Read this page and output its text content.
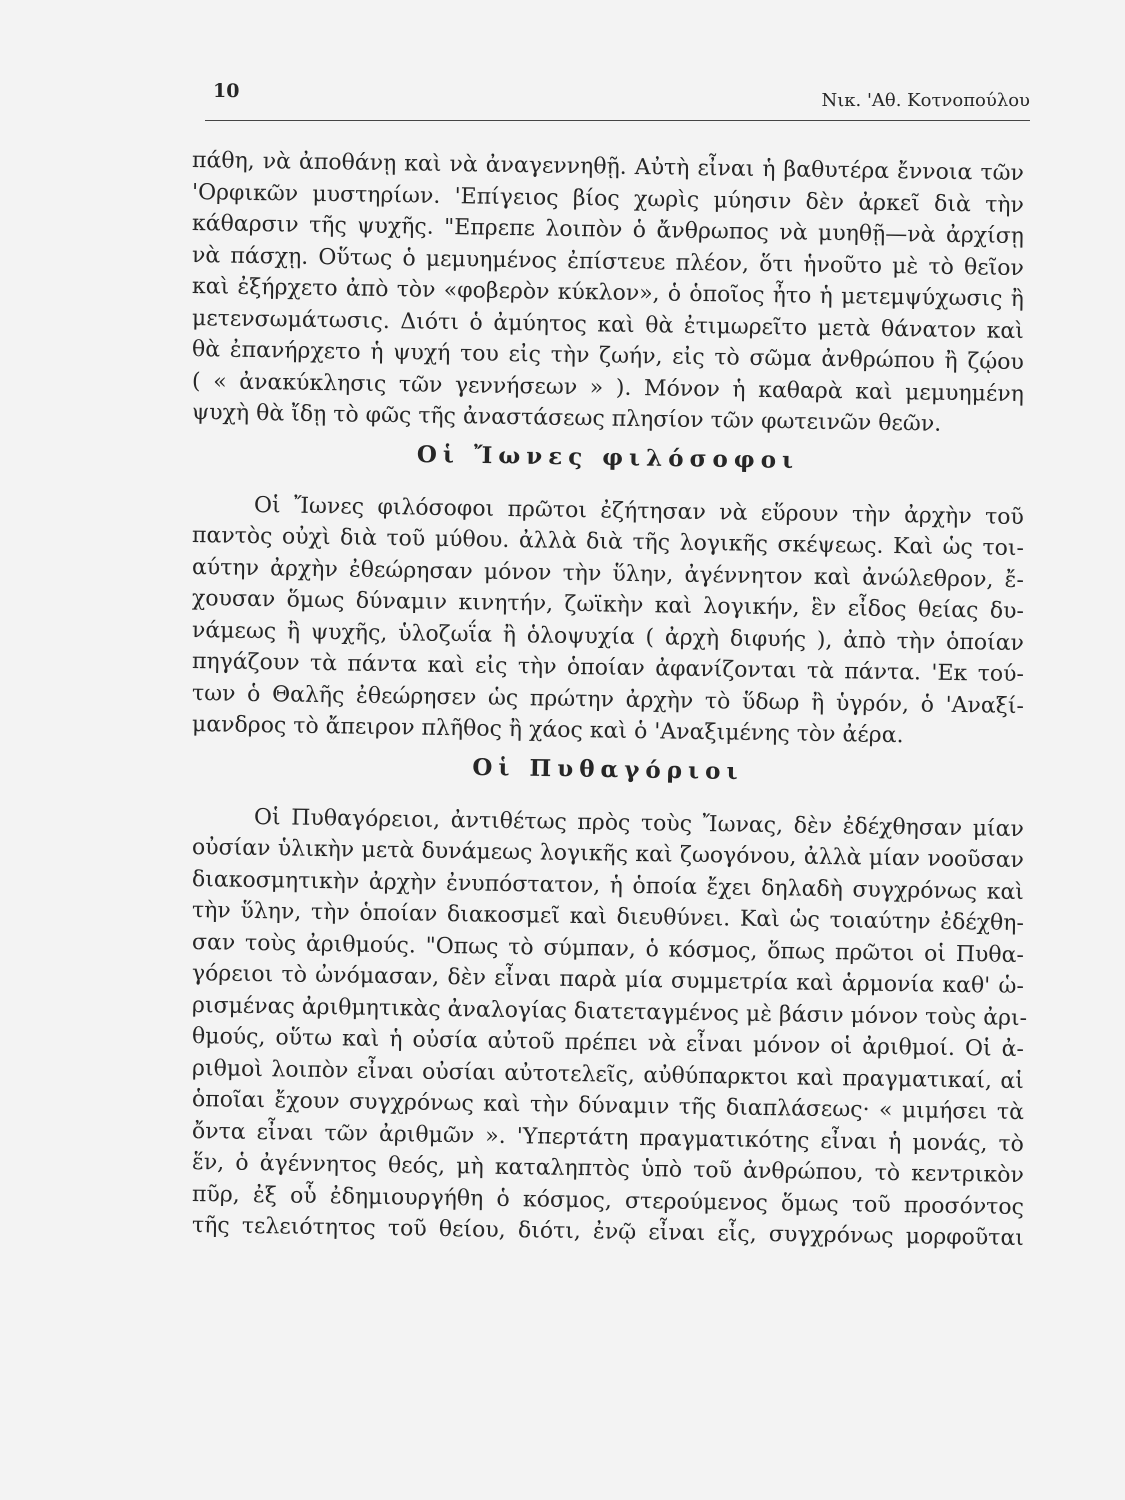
10	Νικ. 'Αθ. Κοτνοπούλου
πάθη, νὰ ἀποθάνῃ καὶ νὰ ἀναγεννηθῇ. Αὐτὴ εἶναι ἡ βαθυτέρα ἔννοια τῶν
'Ορφικῶν μυστηρίων. 'Επίγειος βίος χωρὶς μύησιν δὲν ἀρκεῖ διὰ τὴν
κάθαρσιν τῆς ψυχῆς. "Επρεπε λοιπὸν ὁ ἄνθρωπος νὰ μυηθῇ—νὰ ἀρχίσῃ
νὰ πάσχῃ. Οὕτως ὁ μεμυημένος ἐπίστευε πλέον, ὅτι ἡνοῦτο μὲ τὸ θεῖον
καὶ ἐξήρχετο ἀπὸ τὸν «φοβερὸν κύκλον», ὁ ὁποῖος ἦτο ἡ μετεμψύχωσις ἢ
μετενσωμάτωσις. Διότι ὁ ἀμύητος καὶ θὰ ἐτιμωρεῖτο μετὰ θάνατον καὶ
θὰ ἐπανήρχετο ἡ ψυχή του εἰς τὴν ζωήν, εἰς τὸ σῶμα ἀνθρώπου ἢ ζῴου
( « ἀνακύκλησις τῶν γεννήσεων » ). Μόνον ἡ καθαρὰ καὶ μεμυημένη
ψυχὴ θὰ ἴδῃ τὸ φῶς τῆς ἀναστάσεως πλησίον τῶν φωτεινῶν θεῶν.
Οἱ Ἴωνες φιλόσοφοι
Οἱ Ἴωνες φιλόσοφοι πρῶτοι ἐζήτησαν νὰ εὕρουν τὴν ἀρχὴν τοῦ
παντὸς οὐχὶ διὰ τοῦ μύθου. ἀλλὰ διὰ τῆς λογικῆς σκέψεως. Καὶ ὡς τοι-
αύτην ἀρχὴν ἐθεώρησαν μόνον τὴν ὕλην, ἀγέννητον καὶ ἀνώλεθρον, ἔ-
χουσαν ὅμως δύναμιν κινητήν, ζωϊκὴν καὶ λογικήν, ἓν εἶδος θείας δυ-
νάμεως ἢ ψυχῆς, ὑλοζωΐα ἢ ὁλοψυχία ( ἀρχὴ διφυής ), ἀπὸ τὴν ὁποίαν
πηγάζουν τὰ πάντα καὶ εἰς τὴν ὁποίαν ἀφανίζονται τὰ πάντα. 'Εκ τού-
των ὁ Θαλῆς ἐθεώρησεν ὡς πρώτην ἀρχὴν τὸ ὕδωρ ἢ ὑγρόν, ὁ 'Αναξί-
μανδρος τὸ ἄπειρον πλῆθος ἢ χάος καὶ ὁ 'Αναξιμένης τὸν ἀέρα.
Οἱ Πυθαγόριοι
Οἱ Πυθαγόρειοι, ἀντιθέτως πρὸς τοὺς Ἴωνας, δὲν ἐδέχθησαν μίαν
οὐσίαν ὑλικὴν μετὰ δυνάμεως λογικῆς καὶ ζωογόνου, ἀλλὰ μίαν νοοῦσαν
διακοσμητικὴν ἀρχὴν ἐνυπόστατον, ἡ ὁποία ἔχει δηλαδὴ συγχρόνως καὶ
τὴν ὕλην, τὴν ὁποίαν διακοσμεῖ καὶ διευθύνει. Καὶ ὡς τοιαύτην ἐδέχθη-
σαν τοὺς ἀριθμούς. "Οπως τὸ σύμπαν, ὁ κόσμος, ὅπως πρῶτοι οἱ Πυθα-
γόρειοι τὸ ὠνόμασαν, δὲν εἶναι παρὰ μία συμμετρία καὶ ἁρμονία καθ' ὡ-
ρισμένας ἀριθμητικὰς ἀναλογίας διατεταγμένος μὲ βάσιν μόνον τοὺς ἀρι-
θμούς, οὕτω καὶ ἡ οὐσία αὐτοῦ πρέπει νὰ εἶναι μόνον οἱ ἀριθμοί. Οἱ ἀ-
ριθμοὶ λοιπὸν εἶναι οὐσίαι αὐτοτελεῖς, αὐθύπαρκτοι καὶ πραγματικαί, αἱ
ὁποῖαι ἔχουν συγχρόνως καὶ τὴν δύναμιν τῆς διαπλάσεως· « μιμήσει τὰ
ὄντα εἶναι τῶν ἀριθμῶν ». 'Υπερτάτη πραγματικότης εἶναι ἡ μονάς, τὸ
ἕν, ὁ ἀγέννητος θεός, μὴ καταληπτὸς ὑπὸ τοῦ ἀνθρώπου, τὸ κεντρικὸν
πῦρ, ἐξ οὗ ἐδημιουργήθη ὁ κόσμος, στερούμενος ὅμως τοῦ προσόντος
τῆς τελειότητος τοῦ θείου, διότι, ἐνῷ εἶναι εἷς, συγχρόνως μορφοῦται
